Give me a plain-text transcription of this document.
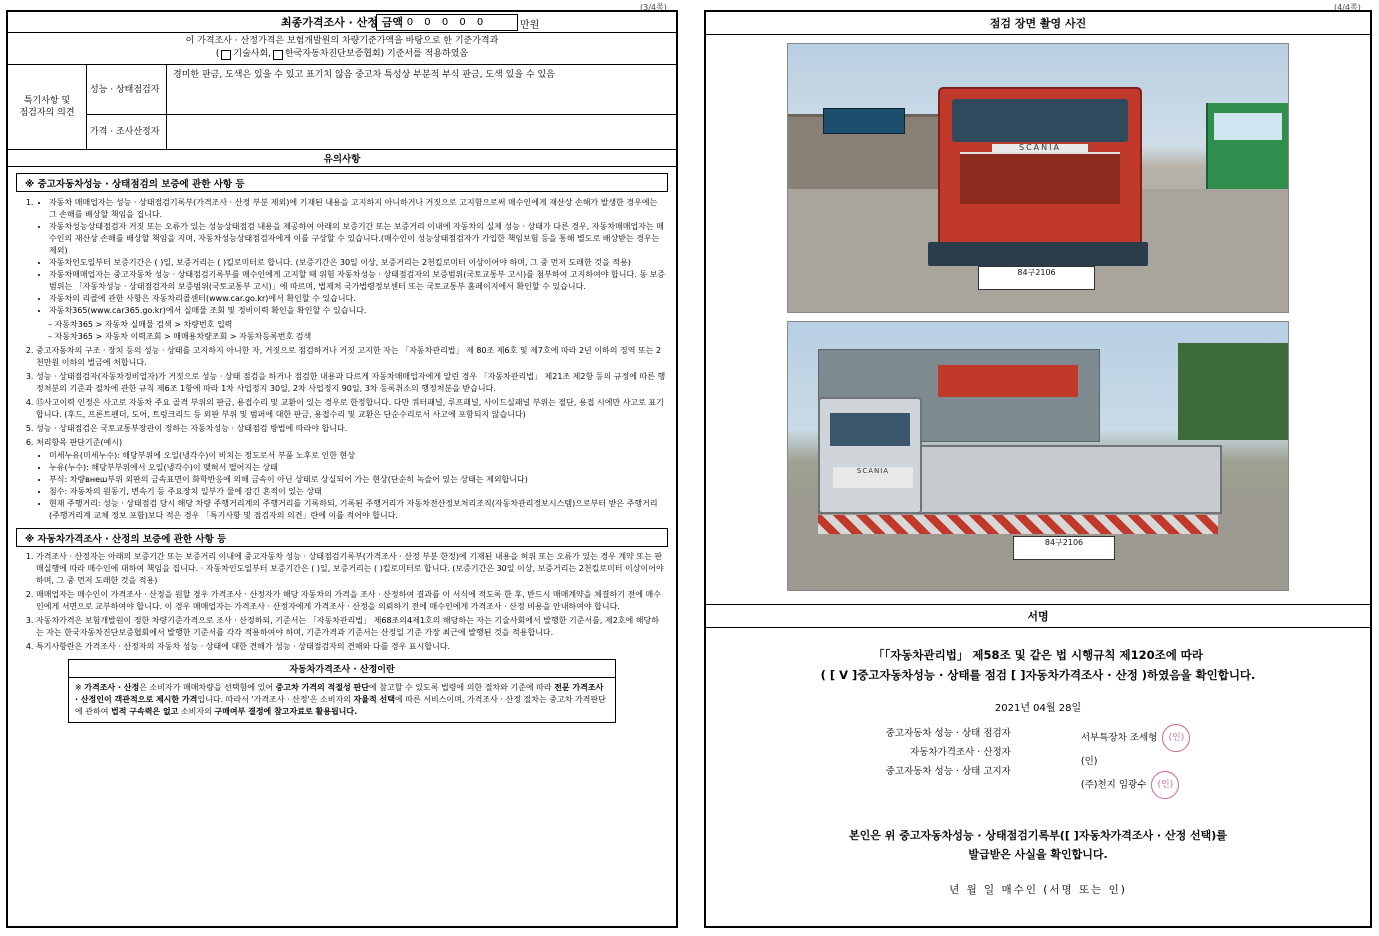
(3/4쪽)	(4/4쪽)
최종가격조사 · 산정 금액 0 0 0 0 0	만원
이 가격조사 · 산정가격은 보험개발원의 차량기준가액을 바탕으로 한 기준가격과
( 기술사회, 한국자동차진단보증협회) 기준서를 적용하였음
특기사항 및
점검자의 의견
성능 · 상태점검자
경미한 판금, 도색은 있을 수 있고 표기치 않음 중고차 특성상 부분적 부식 판금, 도색 있을 수 있음
가격 · 조사산정자
유의사항
※ 중고자동차성능 · 상태점검의 보증에 관한 사항 등
• 1. 자동차 매매업자는 성능 · 상태점검기록부(가격조사 · 산정 부분 제외)에 기재된 내용을 고지하지 아니하거나 거짓으로 고지함으로써 매수인에게 재산상 손해가 발생한 경우에는 그 손해를 배상할 책임을 집니다.
• 자동차성능상태점검자 거짓 또는 오류가 있는 성능상태점검 내용을 제공하여 아래의 보증기간 또는 보증거리 이내에 자동차의 실제 성능 · 상태가 다른 경우, 자동차매매업자는 매수인의 재산상 손해를 배상할 책임을 지며, 자동차성능상태점검자에게 이를 구상할 수 있습니다.(매수인이 성능상태점검자가 가입한 책임보험 등을 통해 별도로 배상받는 경우는 제외)
• 자동차인도일부터 보증기간은 ( )일, 보증거리는 ( )킬로미터로 합니다. (보증기간은 30일 이상, 보증거리는 2천킬로미터 이상이어야 하며, 그 중 먼저 도래한 것을 적용)
• 자동차매매업자는 중고자동차 성능 · 상태점검기록부를 매수인에게 고지할 때 위험 자동차성능 · 상태점검자의 보증범위(국토교통부 고시)를 첨부하여 고지하여야 합니다. 동 보증범위는 「자동차성능 · 상태점검자의 보증범위(국토교통부 고시)」에 따르며, 법제처 국가법령정보센터 또는 국토교통부 홈페이지에서 확인할 수 있습니다.
• 자동차의 리콜에 관한 사항은 자동차리콜센터(www.car.go.kr)에서 확인할 수 있습니다.
• 자동차365(www.car365.go.kr)에서 실매물 조회 및 정비이력 확인을 확인할 수 있습니다.
– 자동차365 > 자동차 실매물 검색 > 차량번호 입력
– 자동차365 > 자동차 이력조회 > 매매용차량조회 > 자동차등록번호 검색
2. 중고자동차의 구조 · 장치 등의 성능 · 상태를 고지하지 아니한 자, 거짓으로 점검하거나 거짓 고지한 자는 「자동차관리법」 제 80조 제6호 및 제7호에 따라 2년 이하의 징역 또는 2천만원 이하의 벌금에 처합니다.
3. 성능 · 상태점검자(자동차정비업자)가 거짓으로 성능 · 상태 점검을 하거나 점검한 내용과 다르게 자동차매매업자에게 알린 경우 「자동차관리법」 제21조 제2항 등의 규정에 따른 행정처분의 기준과 절차에 관한 규칙 제6조 1항에 따라 1차 사업정지 30일, 2차 사업정지 90일, 3차 등록취소의 행정처분을 받습니다.
4. ⑮사고이력 인정은 사고로 자동차 주요 골격 부위의 판금, 용접수리 및 교환이 있는 경우로 한정합니다. 다만 쿼터패널, 루프패널, 사이드실패널 부위는 절단, 용접 시에만 사고로 표기합니다. (후드, 프론트펜더, 도어, 트렁크리드 등 외판 부위 및 범퍼에 대한 판금, 용접수리 및 교환은 단순수리로서 사고에 포함되지 않습니다)
5. 성능 · 상태점검은 국토교통부장관이 정하는 자동차성능 · 상태점검 방법에 따라야 합니다.
6. 처리항목 판단기준(예시)
• 미세누유(미세누수): 해당부위에 오일(냉각수)이 비치는 정도로서 부품 노후로 인한 현상
• 누유(누수): 해당부부위에서 오일(냉각수)이 맺혀서 떨어지는 상태
• 부식: 차량внеш부위 외판의 금속표면이 화학반응에 의해 금속이 아닌 상태로 상실되어 가는 현상(단순히 녹슬어 있는 상태는 제외합니다)
• 침수: 자동차의 원동기, 변속기 등 주요장치 일부가 물에 잠긴 흔적이 있는 상태
• 현재 주행거리: 성능 · 상태점검 당시 해당 차량 주행거리계의 주행거리를 기록하되, 기록된 주행거리가 자동차전산정보처리조직(자동차관리정보시스템)으로부터 받은 주행거리(주행거리계 교체 정보 포함)보다 적은 경우 「특기사항 및 점검자의 의견」란에 이를 적어야 합니다.
※ 자동차가격조사 · 산정의 보증에 관한 사항 등
1. 가격조사 · 산정자는 아래의 보증기간 또는 보증거리 이내에 중고자동차 성능 · 상태점검기록부(가격조사 · 산정 부분 한정)에 기재된 내용을 허위 또는 오류가 있는 경우 계약 또는 판매실행에 따라 매수인에 대하여 책임을 집니다. · 자동차인도일부터 보증기간은 ( )일, 보증거리는 ( )킬로미터로 합니다. (보증기간은 30일 이상, 보증거리는 2천킬로미터 이상이어야 하며, 그 중 먼저 도래한 것을 적용)
2. 매매업자는 매수인이 가격조사 · 산정을 원할 경우 가격조사 · 산정자가 해당 자동차의 가격을 조사 · 산정하여 결과를 이 서식에 적도록 한 후, 반드시 매매계약을 체결하기 전에 매수인에게 서면으로 교부하여야 합니다. 이 경우 매매업자는 가격조사 · 산정자에게 가격조사 · 산정을 의뢰하기 전에 매수인에게 가격조사 · 산정 비용을 안내하여야 합니다.
3. 자동차가격은 보험개발원이 정한 차량기준가격으로 조사 · 산정하되, 기준서는 「자동차관리법」 제68조의4제1호의 해당하는 자는 기술사회에서 발행한 기준서를, 제2호에 해당하는 자는 한국자동차진단보증협회에서 발행한 기준서를 각각 적용하여야 하며, 기준가격과 기준서는 산정일 기준 가장 최근에 발행된 것을 적용합니다.
4. 특기사항란은 가격조사 · 산정자의 자동차 성능 · 상태에 대한 견해가 성능 · 상태점검자의 견해와 다를 경우 표시합니다.
자동차가격조사 · 산정이란
※ 가격조사 · 산정은 소비자가 매매차량을 선택함에 있어 중고차 가격의 적절성 판단에 참고할 수 있도록 법령에 의한 절차와 기준에 따라 전문 가격조사 · 산정인이 객관적으로 제시한 가격입니다. 따라서 '가격조사 · 산정'은 소비자의 자율적 선택에 따른 서비스이며, 가격조사 · 산정 절차는 중고차 가격판단에 관하여 법적 구속력은 없고 소비자의 구매여부 결정에 참고자료로 활용됩니다.
점검 장면 촬영 사진
SCANIA
84구2106
SCANIA
84구2106
서명
「「자동차관리법」 제58조 및 같은 법 시행규칙 제120조에 따라
( [ V ]중고자동차성능 · 상태를 점검 [ ]자동차가격조사 · 산정 )하였음을 확인합니다.
2021년 04월 28일
중고자동차 성능 · 상태 점검자
자동차가격조사 · 산정자
중고자동차 성능 · 상태 고지자
서부특장차 조세형 (인)
(인)
(주)천지 임광수 (인)
본인은 위 중고자동차성능 · 상태점검기록부([ ]자동차가격조사 · 산정 선택)를
발급받은 사실을 확인합니다.
년 월 일 매수인 (서명 또는 인)
